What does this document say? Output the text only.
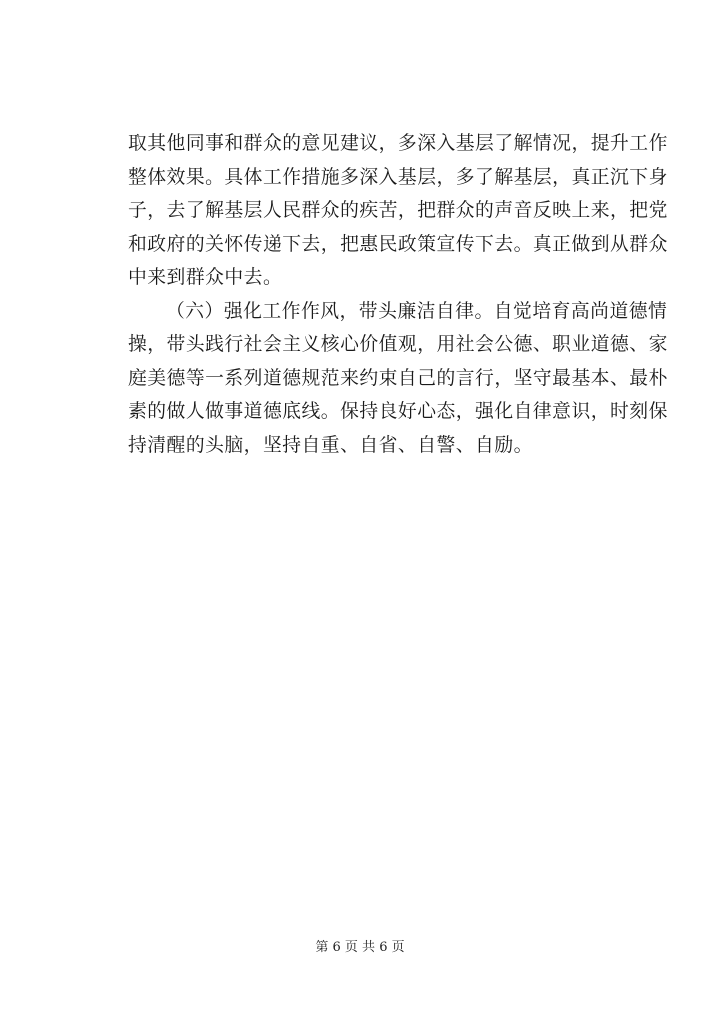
取其他同事和群众的意见建议，多深入基层了解情况，提升工作
整体效果。具体工作措施多深入基层，多了解基层，真正沉下身
子，去了解基层人民群众的疾苦，把群众的声音反映上来，把党
和政府的关怀传递下去，把惠民政策宣传下去。真正做到从群众
中来到群众中去。
（六）强化工作作风，带头廉洁自律。自觉培育高尚道德情
操，带头践行社会主义核心价值观，用社会公德、职业道德、家
庭美德等一系列道德规范来约束自己的言行，坚守最基本、最朴
素的做人做事道德底线。保持良好心态，强化自律意识，时刻保
持清醒的头脑，坚持自重、自省、自警、自励。
第 6 页 共 6 页
